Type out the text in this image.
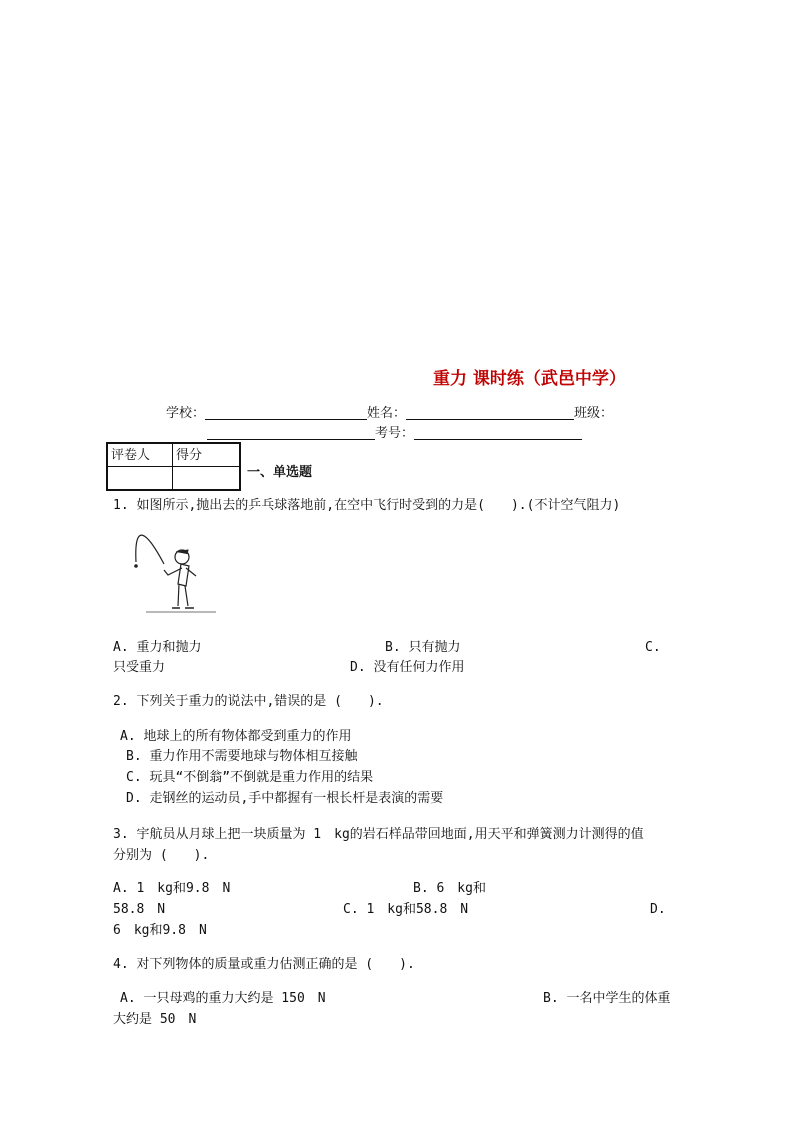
重力 课时练（武邑中学）
学校：	姓名：	班级：
考号：
评卷人	得分

一、单选题
1. 如图所示,抛出去的乒乓球落地前,在空中飞行时受到的力是(　　).(不计空气阻力)
A. 重力和抛力	B. 只有抛力	C.
只受重力	D. 没有任何力作用
2. 下列关于重力的说法中,错误的是 (　　).
A. 地球上的所有物体都受到重力的作用
B. 重力作用不需要地球与物体相互接触
C. 玩具“不倒翁”不倒就是重力作用的结果
D. 走钢丝的运动员,手中都握有一根长杆是表演的需要
3. 宇航员从月球上把一块质量为 1　kg的岩石样品带回地面,用天平和弹簧测力计测得的值
分别为 (　　).
A. 1　kg和9.8　N	B. 6　kg和
58.8　N	C. 1　kg和58.8　N	D.
6　kg和9.8　N
4. 对下列物体的质量或重力估测正确的是 (　　).
A. 一只母鸡的重力大约是 150　N	B. 一名中学生的体重
大约是 50　N
